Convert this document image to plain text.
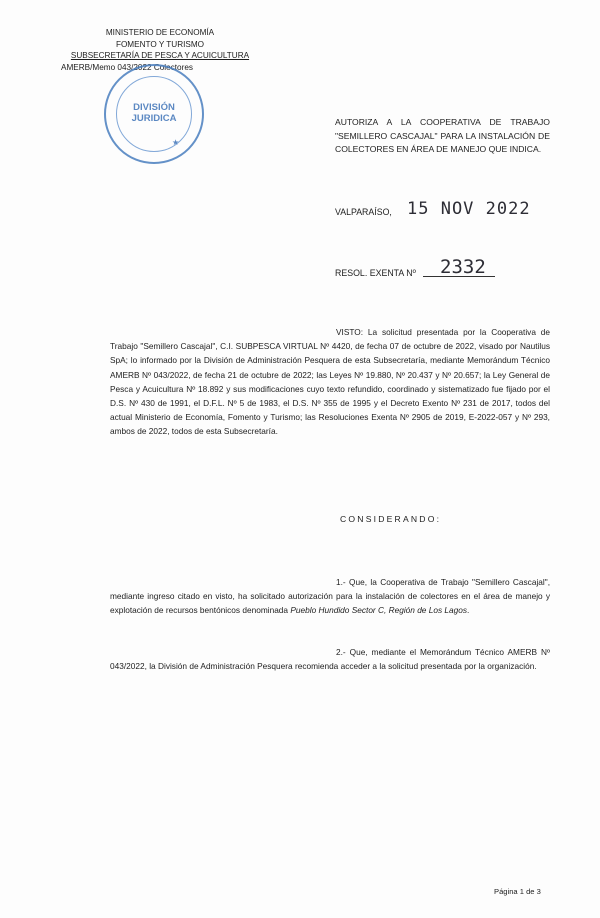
MINISTERIO DE ECONOMÍA
FOMENTO Y TURISMO
SUBSECRETARÍA DE PESCA Y ACUICULTURA
AMERB/Memo 043/2022 Colectores
DIVISIÓN
JURIDICA
★
AUTORIZA A LA COOPERATIVA DE TRABAJO "SEMILLERO CASCAJAL" PARA LA INSTALACIÓN DE COLECTORES EN ÁREA DE MANEJO QUE INDICA.
VALPARAÍSO, 15 NOV 2022
RESOL. EXENTA Nº 2332
VISTO: La solicitud presentada por la Cooperativa de Trabajo "Semillero Cascajal", C.I. SUBPESCA VIRTUAL Nº 4420, de fecha 07 de octubre de 2022, visado por Nautilus SpA; lo informado por la División de Administración Pesquera de esta Subsecretaría, mediante Memorándum Técnico AMERB Nº 043/2022, de fecha 21 de octubre de 2022; las Leyes Nº 19.880, Nº 20.437 y Nº 20.657; la Ley General de Pesca y Acuicultura Nº 18.892 y sus modificaciones cuyo texto refundido, coordinado y sistematizado fue fijado por el D.S. Nº 430 de 1991, el D.F.L. Nº 5 de 1983, el D.S. Nº 355 de 1995 y el Decreto Exento Nº 231 de 2017, todos del actual Ministerio de Economía, Fomento y Turismo; las Resoluciones Exenta Nº 2905 de 2019, E-2022-057 y Nº 293, ambos de 2022, todos de esta Subsecretaría.
CONSIDERANDO:
1.- Que, la Cooperativa de Trabajo "Semillero Cascajal", mediante ingreso citado en visto, ha solicitado autorización para la instalación de colectores en el área de manejo y explotación de recursos bentónicos denominada Pueblo Hundido Sector C, Región de Los Lagos.
2.- Que, mediante el Memorándum Técnico AMERB Nº 043/2022, la División de Administración Pesquera recomienda acceder a la solicitud presentada por la organización.
Página 1 de 3
